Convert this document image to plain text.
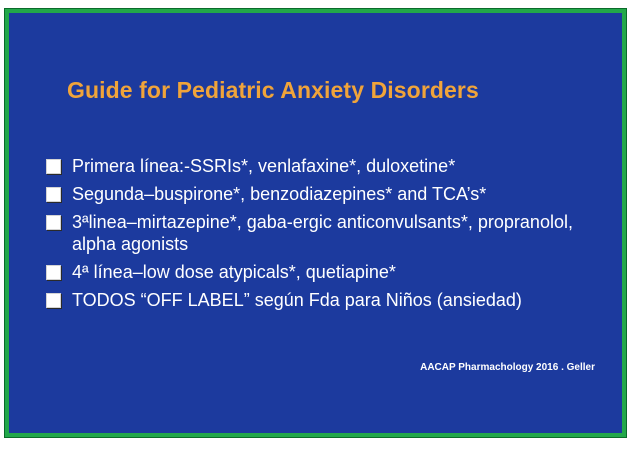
Guide for Pediatric Anxiety Disorders
Primera línea:-SSRIs*, venlafaxine*, duloxetine*
Segunda–buspirone*, benzodiazepines* and TCA’s*
3ªlinea–mirtazepine*, gaba-ergic anticonvulsants*, propranolol, alpha agonists
4ª línea–low dose atypicals*, quetiapine*
TODOS “OFF LABEL” según Fda para Niños (ansiedad)
AACAP Pharmachology 2016 . Geller
